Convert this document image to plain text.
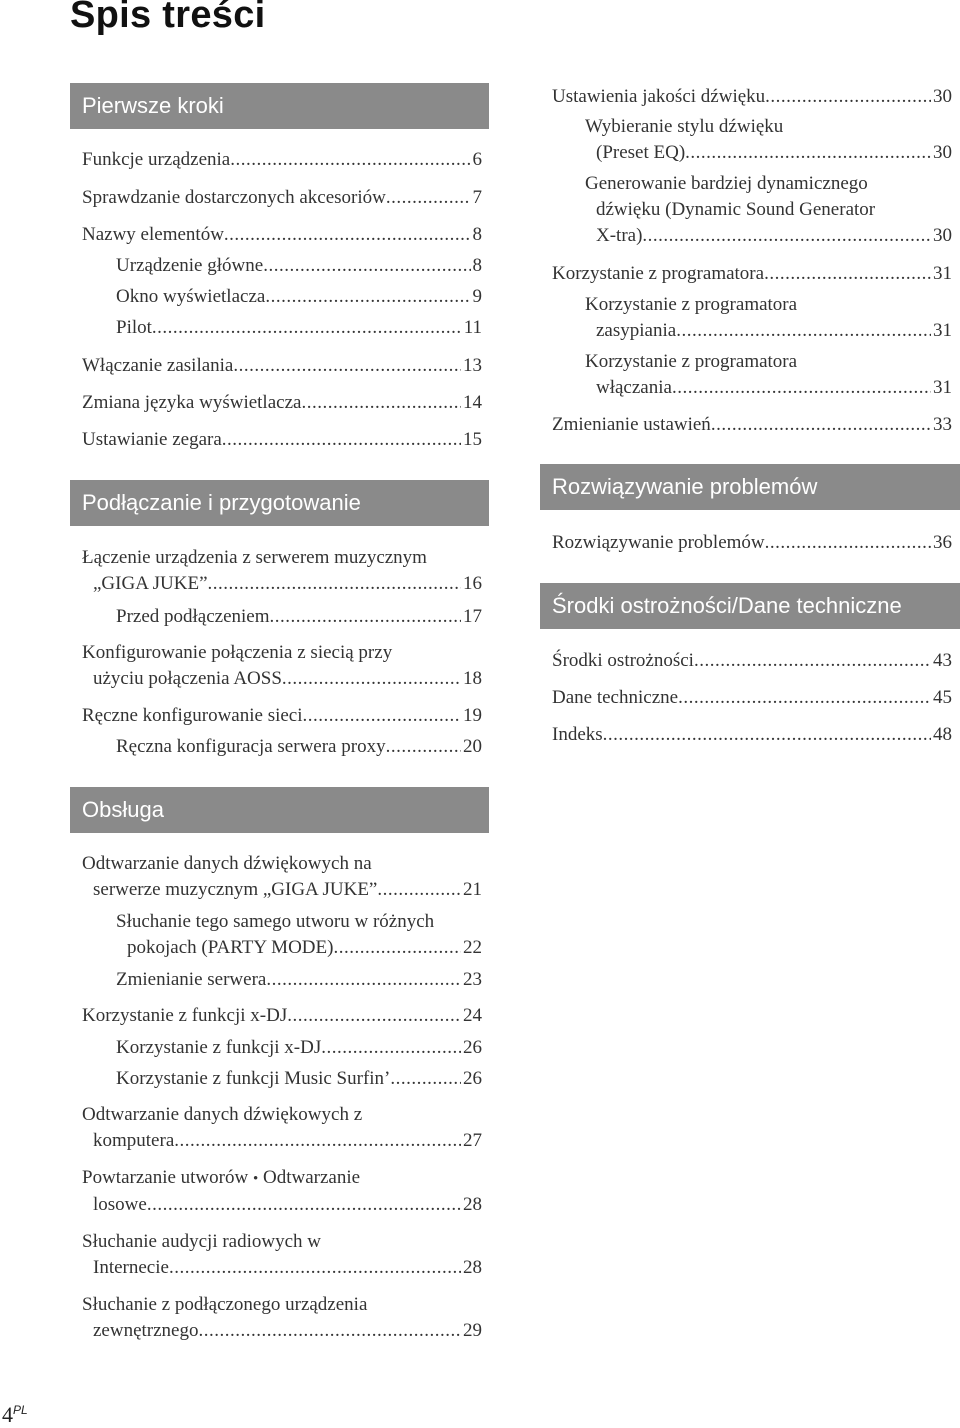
Spis treści
Pierwsze kroki
Funkcje urządzenia .....	6
Sprawdzanie dostarczonych akcesoriów .....	7
Nazwy elementów .....	8
Urządzenie główne .....	8
Okno wyświetlacza .....	9
Pilot .....	11
Włączanie zasilania .....	13
Zmiana języka wyświetlacza .....	14
Ustawianie zegara .....	15
Podłączanie i przygotowanie
Łączenie urządzenia z serwerem muzycznym
„GIGA JUKE” .....	16
Przed podłączeniem .....	17
Konfigurowanie połączenia z siecią przy
użyciu połączenia AOSS .....	18
Ręczne konfigurowanie sieci .....	19
Ręczna konfiguracja serwera proxy .....	20
Obsługa
Odtwarzanie danych dźwiękowych na
serwerze muzycznym „GIGA JUKE” .....	21
Słuchanie tego samego utworu w różnych
pokojach (PARTY MODE) .....	22
Zmienianie serwera .....	23
Korzystanie z funkcji x-DJ .....	24
Korzystanie z funkcji x-DJ .....	26
Korzystanie z funkcji Music Surfin’ .....	26
Odtwarzanie danych dźwiękowych z
komputera .....	27
Powtarzanie utworów
•
Odtwarzanie
losowe .....	28
Słuchanie audycji radiowych w
Internecie .....	28
Słuchanie z podłączonego urządzenia
zewnętrznego .....	29
Ustawienia jakości dźwięku .....	30
Wybieranie stylu dźwięku
(Preset EQ) .....	30
Generowanie bardziej dynamicznego
dźwięku (Dynamic Sound Generator
X-tra) .....	30
Korzystanie z programatora .....	31
Korzystanie z programatora
zasypiania .....	31
Korzystanie z programatora
włączania .....	31
Zmienianie ustawień .....	33
Rozwiązywanie problemów
Rozwiązywanie problemów .....	36
Środki ostrożności/Dane techniczne
Środki ostrożności .....	43
Dane techniczne .....	45
Indeks .....	48
$4^{PL}$
